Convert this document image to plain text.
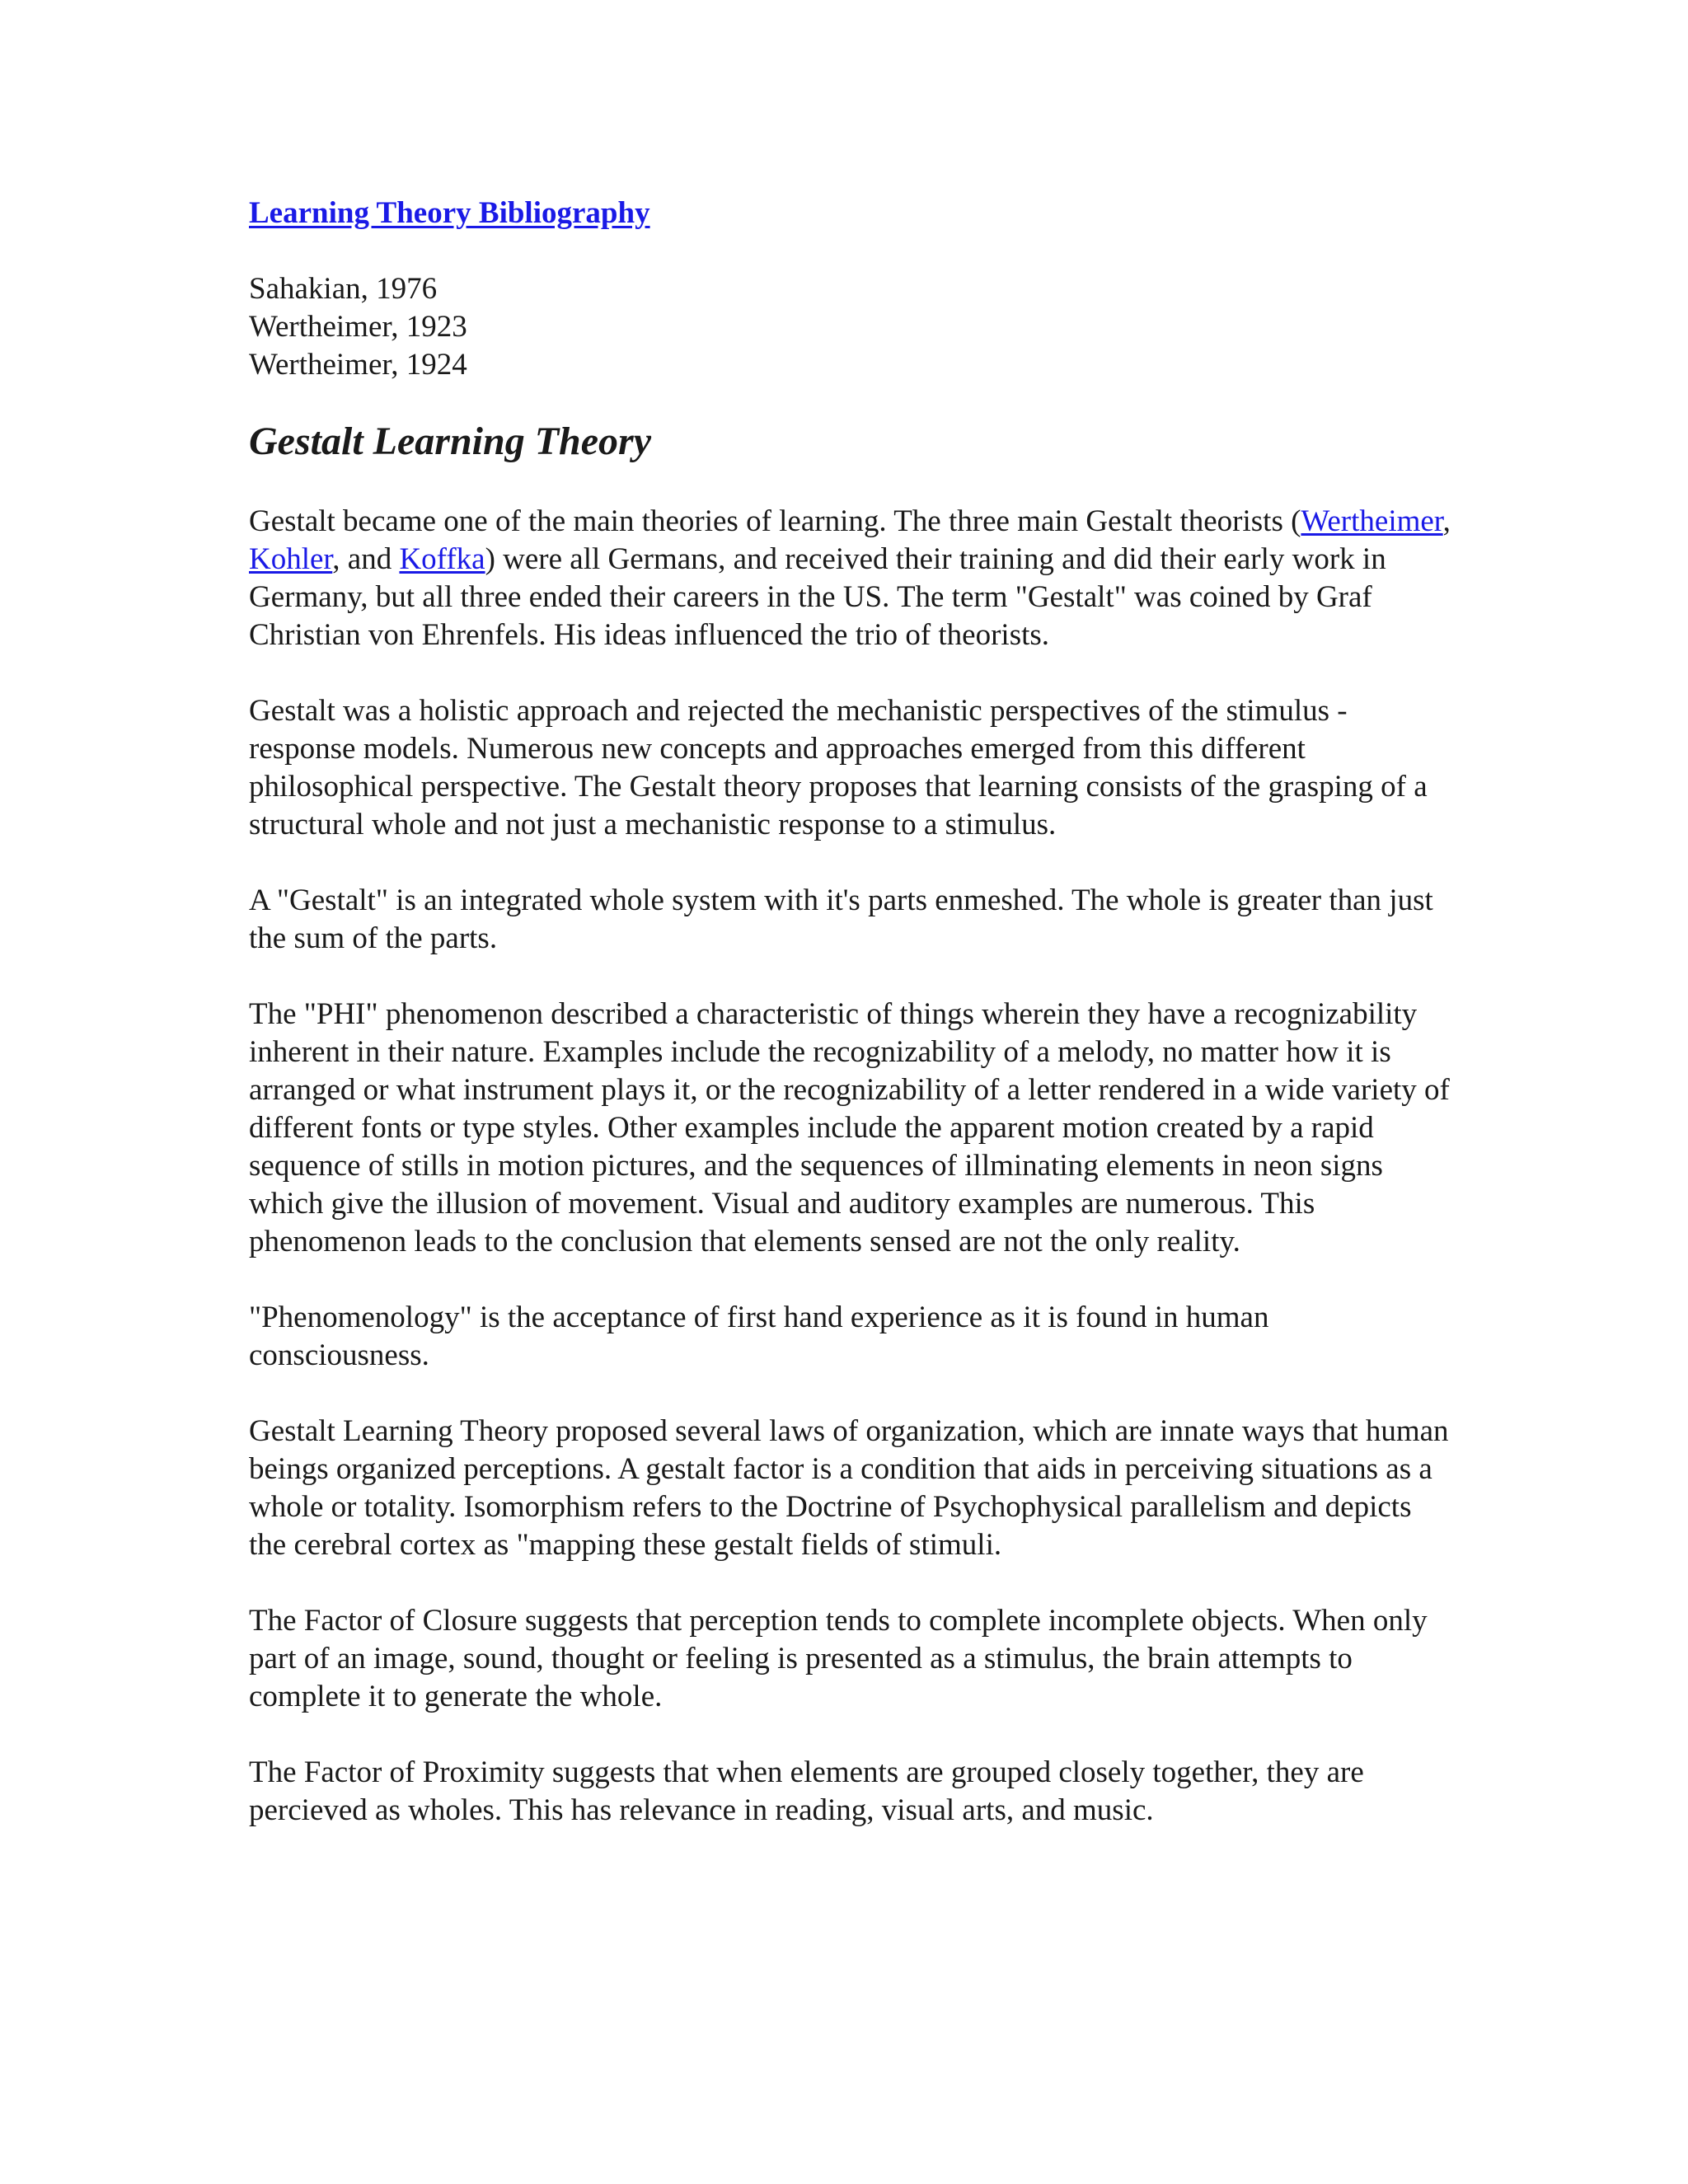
Learning Theory Bibliography
Sahakian, 1976
Wertheimer, 1923
Wertheimer, 1924
Gestalt Learning Theory

Gestalt became one of the main theories of learning. The three main Gestalt theorists (Wertheimer, Kohler, and Koffka) were all Germans, and received their training and did their early work in Germany, but all three ended their careers in the US. The term "Gestalt" was coined by Graf Christian von Ehrenfels. His ideas influenced the trio of theorists.

Gestalt was a holistic approach and rejected the mechanistic perspectives of the stimulus - response models. Numerous new concepts and approaches emerged from this different philosophical perspective. The Gestalt theory proposes that learning consists of the grasping of a structural whole and not just a mechanistic response to a stimulus.

A "Gestalt" is an integrated whole system with it's parts enmeshed. The whole is greater than just the sum of the parts.

The "PHI" phenomenon described a characteristic of things wherein they have a recognizability inherent in their nature. Examples include the recognizability of a melody, no matter how it is arranged or what instrument plays it, or the recognizability of a letter rendered in a wide variety of different fonts or type styles. Other examples include the apparent motion created by a rapid sequence of stills in motion pictures, and the sequences of illminating elements in neon signs which give the illusion of movement. Visual and auditory examples are numerous. This phenomenon leads to the conclusion that elements sensed are not the only reality.

"Phenomenology" is the acceptance of first hand experience as it is found in human consciousness.

Gestalt Learning Theory proposed several laws of organization, which are innate ways that human beings organized perceptions. A gestalt factor is a condition that aids in perceiving situations as a whole or totality. Isomorphism refers to the Doctrine of Psychophysical parallelism and depicts the cerebral cortex as "mapping these gestalt fields of stimuli.

The Factor of Closure suggests that perception tends to complete incomplete objects. When only part of an image, sound, thought or feeling is presented as a stimulus, the brain attempts to complete it to generate the whole.

The Factor of Proximity suggests that when elements are grouped closely together, they are percieved as wholes. This has relevance in reading, visual arts, and music.
